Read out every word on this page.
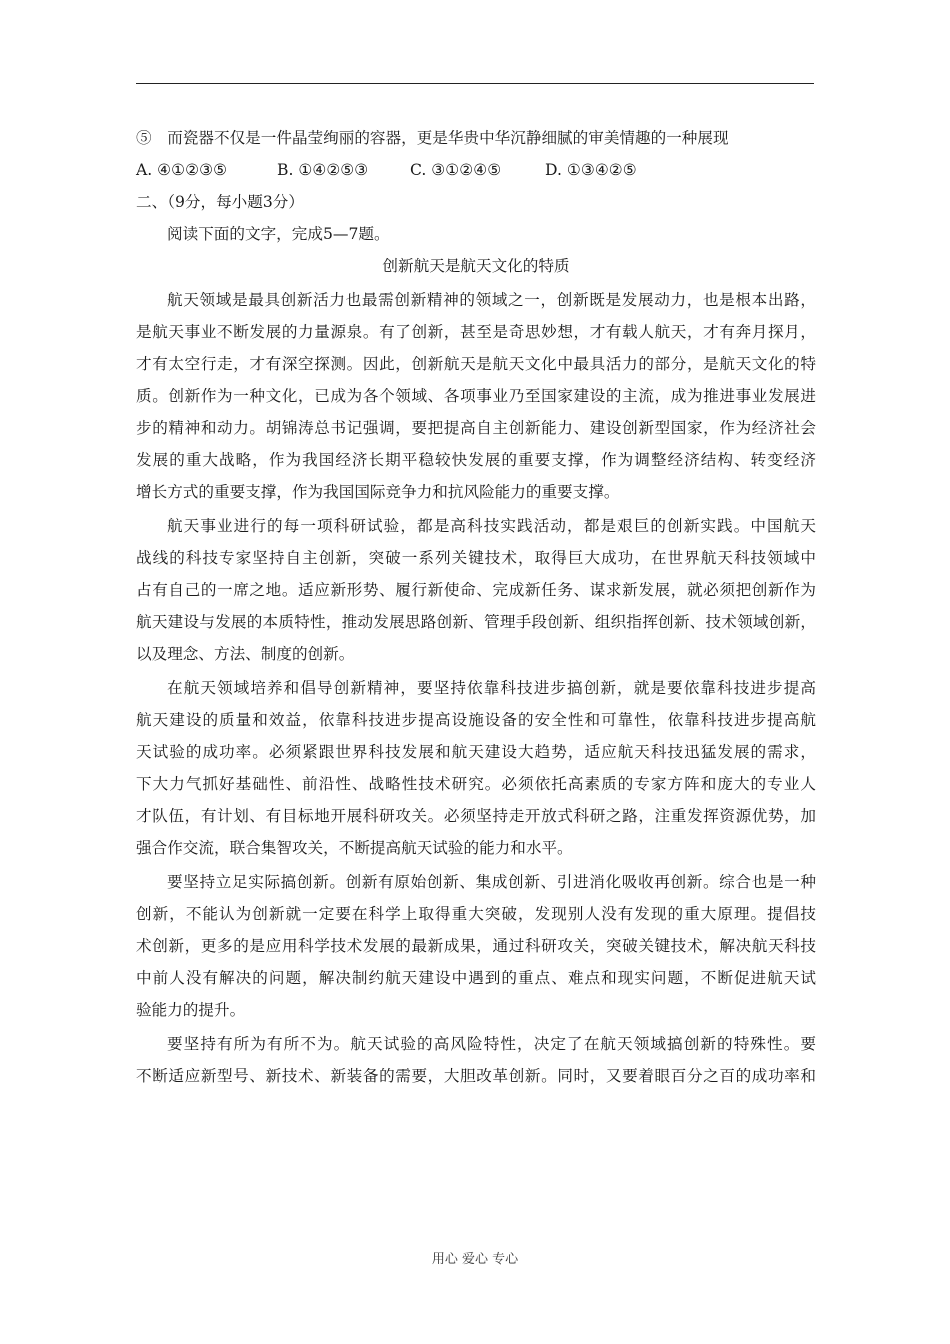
⑤　而瓷器不仅是一件晶莹绚丽的容器，更是华贵中华沉静细腻的审美情趣的一种展现
A. ④①②③⑤	B. ①④②⑤③	C. ③①②④⑤	D. ①③④②⑤
二、（9分，每小题3分）
阅读下面的文字，完成5—7题。
创新航天是航天文化的特质
航天领域是最具创新活力也最需创新精神的领域之一，创新既是发展动力，也是根本出路，
是航天事业不断发展的力量源泉。有了创新，甚至是奇思妙想，才有载人航天，才有奔月探月，
才有太空行走，才有深空探测。因此，创新航天是航天文化中最具活力的部分，是航天文化的特
质。创新作为一种文化，已成为各个领域、各项事业乃至国家建设的主流，成为推进事业发展进
步的精神和动力。胡锦涛总书记强调，要把提高自主创新能力、建设创新型国家，作为经济社会
发展的重大战略，作为我国经济长期平稳较快发展的重要支撑，作为调整经济结构、转变经济
增长方式的重要支撑，作为我国国际竞争力和抗风险能力的重要支撑。
航天事业进行的每一项科研试验，都是高科技实践活动，都是艰巨的创新实践。中国航天
战线的科技专家坚持自主创新，突破一系列关键技术，取得巨大成功，在世界航天科技领域中
占有自己的一席之地。适应新形势、履行新使命、完成新任务、谋求新发展，就必须把创新作为
航天建设与发展的本质特性，推动发展思路创新、管理手段创新、组织指挥创新、技术领域创新，
以及理念、方法、制度的创新。
在航天领域培养和倡导创新精神，要坚持依靠科技进步搞创新，就是要依靠科技进步提高
航天建设的质量和效益，依靠科技进步提高设施设备的安全性和可靠性，依靠科技进步提高航
天试验的成功率。必须紧跟世界科技发展和航天建设大趋势，适应航天科技迅猛发展的需求，
下大力气抓好基础性、前沿性、战略性技术研究。必须依托高素质的专家方阵和庞大的专业人
才队伍，有计划、有目标地开展科研攻关。必须坚持走开放式科研之路，注重发挥资源优势，加
强合作交流，联合集智攻关，不断提高航天试验的能力和水平。
要坚持立足实际搞创新。创新有原始创新、集成创新、引进消化吸收再创新。综合也是一种
创新，不能认为创新就一定要在科学上取得重大突破，发现别人没有发现的重大原理。提倡技
术创新，更多的是应用科学技术发展的最新成果，通过科研攻关，突破关键技术，解决航天科技
中前人没有解决的问题，解决制约航天建设中遇到的重点、难点和现实问题，不断促进航天试
验能力的提升。
要坚持有所为有所不为。航天试验的高风险特性，决定了在航天领域搞创新的特殊性。要
不断适应新型号、新技术、新装备的需要，大胆改革创新。同时，又要着眼百分之百的成功率和
用心 爱心 专心
